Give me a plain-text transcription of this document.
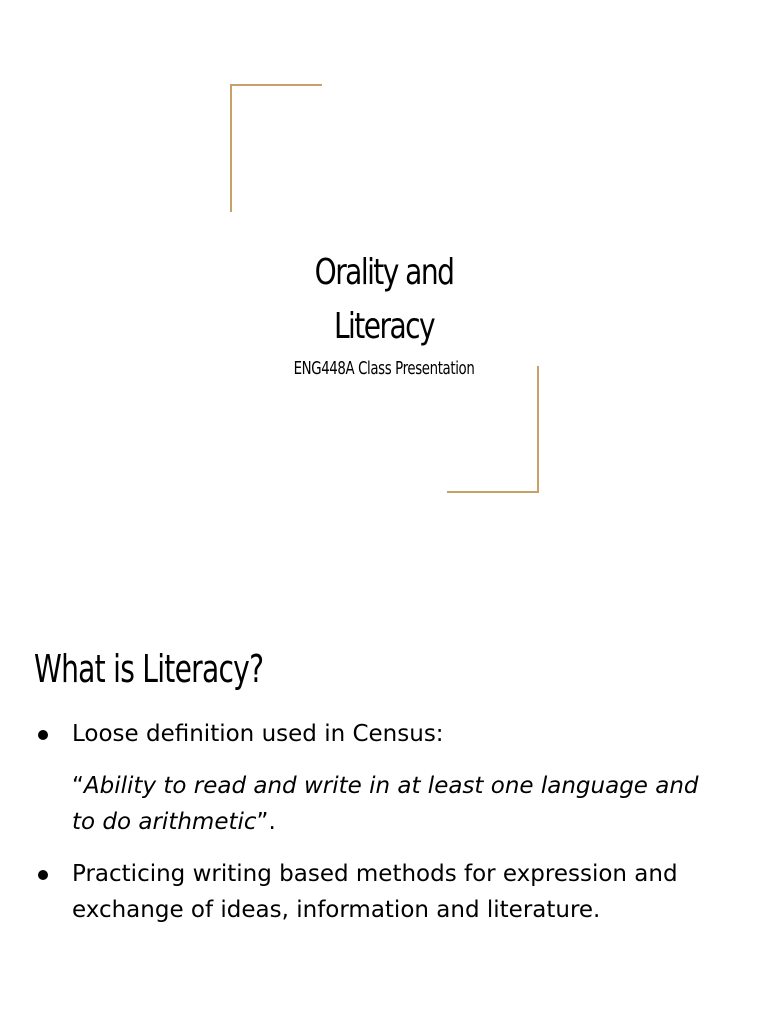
Orality and
Literacy
ENG448A Class Presentation
What is Literacy?
Loose definition used in Census:
“Ability to read and write in at least one language and to do arithmetic”.
Practicing writing based methods for expression and exchange of ideas, information and literature.
